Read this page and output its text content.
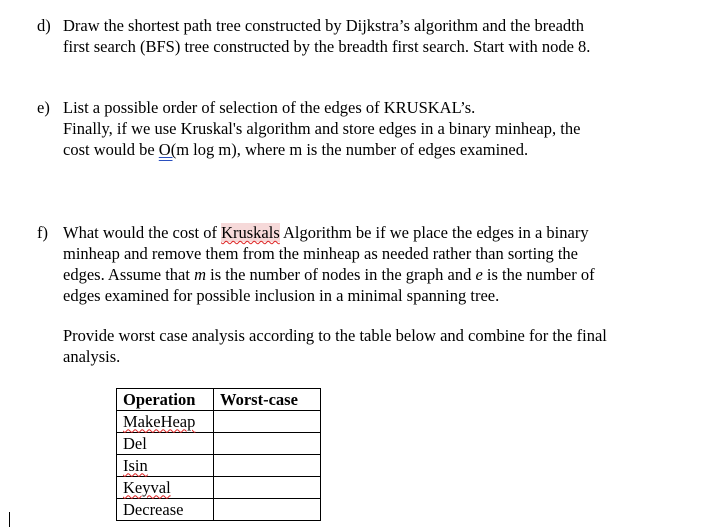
d) Draw the shortest path tree constructed by Dijkstra’s algorithm and the breadth
first search (BFS) tree constructed by the breadth first search. Start with node 8.
e) List a possible order of selection of the edges of KRUSKAL’s.
Finally, if we use Kruskal's algorithm and store edges in a binary minheap, the
cost would be O(m log m), where m is the number of edges examined.
f) What would the cost of Kruskals Algorithm be if we place the edges in a binary
minheap and remove them from the minheap as needed rather than sorting the
edges. Assume that m is the number of nodes in the graph and e is the number of
edges examined for possible inclusion in a minimal spanning tree.
Provide worst case analysis according to the table below and combine for the final
analysis.
Operation	Worst-case
MakeHeap	
Del	
Isin	
Keyval	
Decrease	
